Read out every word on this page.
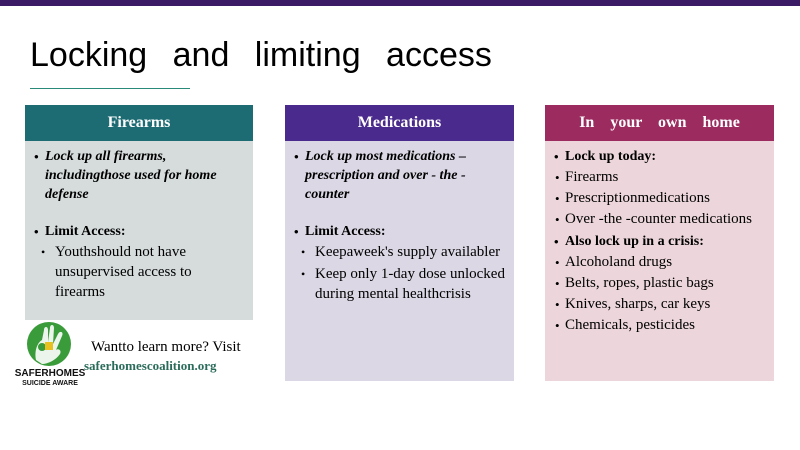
Locking and limiting access
Firearms
• Lock up all firearms, includingthose used for home defense
• Limit Access:
• Youthshould not have unsupervised access to firearms
Medications
• Lock up most medications –prescription and over - the -counter
• Limit Access:
• Keepaweek's supply availabler
• Keep only 1-day dose unlocked during mental healthcrisis
In your own home
• Lock up today:
• Firearms
• Prescriptionmedications
• Over -the -counter medications
• Also lock up in a crisis:
• Alcoholand drugs
• Belts, ropes, plastic bags
• Knives, sharps, car keys
• Chemicals, pesticides
SAFERHOMES
SUICIDE AWARE
Wantto learn more? Visit
saferhomescoalition.org
